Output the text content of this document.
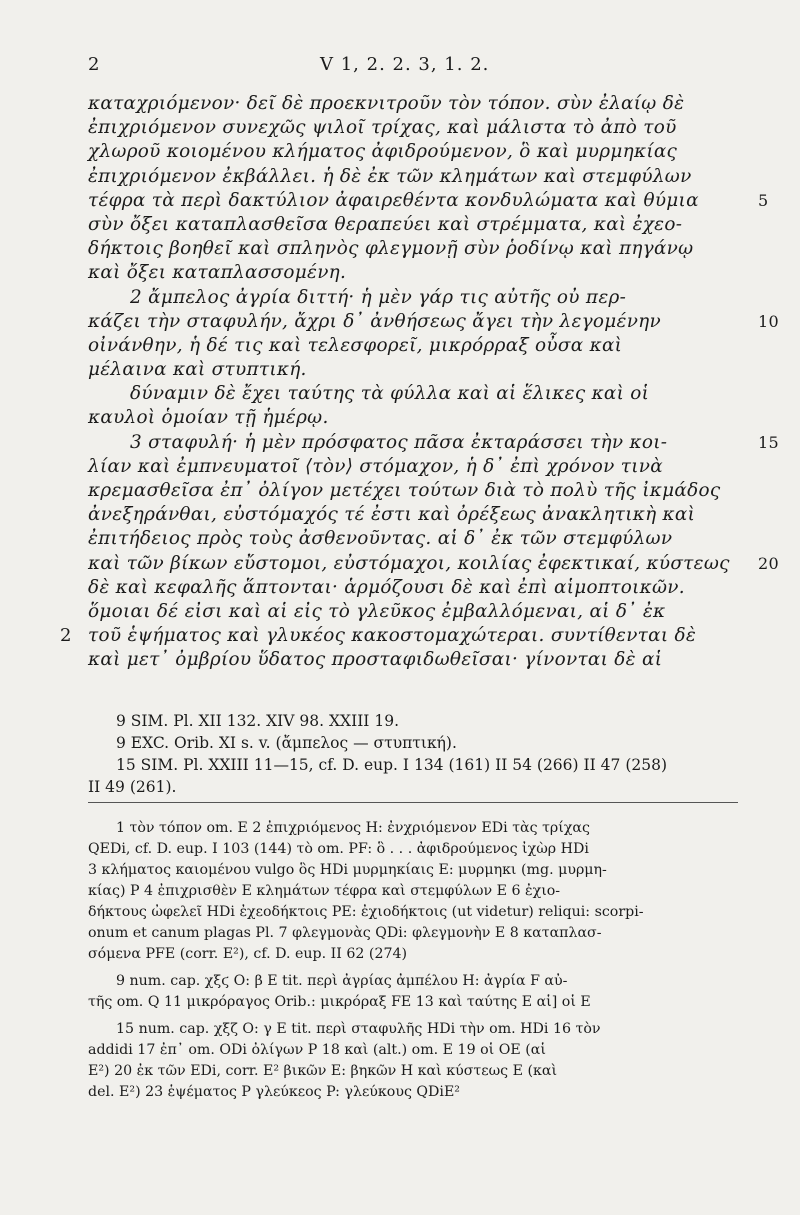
2	V 1, 2. 2. 3, 1. 2.
καταχριόμενον· δεῖ δὲ προεκνιτροῦν τὸν τόπον. σὺν ἐλαίῳ δὲ
ἐπιχριόμενον συνεχῶς ψιλοῖ τρίχας, καὶ μάλιστα τὸ ἀπὸ τοῦ
χλωροῦ κοιομένου κλήματος ἀφιδρούμενον, ὃ καὶ μυρμηκίας
ἐπιχριόμενον ἐκβάλλει. ἡ δὲ ἐκ τῶν κλημάτων καὶ στεμφύλων
τέφρα τὰ περὶ δακτύλιον ἀφαιρεθέντα κονδυλώματα καὶ θύμια	5
σὺν ὄξει καταπλασθεῖσα θεραπεύει καὶ στρέμματα, καὶ ἐχεο-
δήκτοις βοηθεῖ καὶ σπληνὸς φλεγμονῇ σὺν ῥοδίνῳ καὶ πηγάνῳ
καὶ ὄξει καταπλασσομένη.
2 ἄμπελος ἀγρία διττή· ἡ μὲν γάρ τις αὐτῆς οὐ περ-
κάζει τὴν σταφυλήν, ἄχρι δ᾽ ἀνθήσεως ἄγει τὴν λεγομένην	10
οἰνάνθην, ἡ δέ τις καὶ τελεσφορεῖ, μικρόρραξ οὖσα καὶ
μέλαινα καὶ στυπτική.
δύναμιν δὲ ἔχει ταύτης τὰ φύλλα καὶ αἱ ἕλικες καὶ οἱ
καυλοὶ ὁμοίαν τῇ ἡμέρῳ.
3 σταφυλή· ἡ μὲν πρόσφατος πᾶσα ἐκταράσσει τὴν κοι-	15
λίαν καὶ ἐμπνευματοῖ ⟨τὸν⟩ στόμαχον, ἡ δ᾽ ἐπὶ χρόνον τινὰ
κρεμασθεῖσα ἐπ᾽ ὀλίγον μετέχει τούτων διὰ τὸ πολὺ τῆς ἰκμάδος
ἀνεξηράνθαι, εὐστόμαχός τέ ἐστι καὶ ὀρέξεως ἀνακλητικὴ καὶ
ἐπιτήδειος πρὸς τοὺς ἀσθενοῦντας. αἱ δ᾽ ἐκ τῶν στεμφύλων
καὶ τῶν βίκων εὔστομοι, εὐστόμαχοι, κοιλίας ἐφεκτικαί, κύστεως 20
δὲ καὶ κεφαλῆς ἅπτονται· ἁρμόζουσι δὲ καὶ ἐπὶ αἱμοπτοικῶν.
ὅμοιαι δέ εἰσι καὶ αἱ εἰς τὸ γλεῦκος ἐμβαλλόμεναι, αἱ δ᾽ ἐκ
τοῦ ἑψήματος καὶ γλυκέος κακοστομαχώτεραι. συντίθενται δὲ
2
καὶ μετ᾽ ὀμβρίου ὕδατος προσταφιδωθεῖσαι· γίνονται δὲ αἱ
9 SIM. Pl. XII 132. XIV 98. XXIII 19.
9 EXC. Orib. XI s. v. (ἄμπελος — στυπτική).
15 SIM. Pl. XXIII 11—15, cf. D. eup. I 134 (161) II 54 (266) II 47 (258)
II 49 (261).
1 τὸν τόπον om. E 2 ἐπιχριόμενος H: ἐνχριόμενον EDi τὰς τρίχας
QEDi, cf. D. eup. I 103 (144) τὸ om. PF: ὃ . . . ἀφιδρούμενος ἰχὼρ HDi
3 κλήματος καιομένου vulgo ὃς HDi μυρμηκίαις E: μυρμηκι (mg. μυρμη-
κίας) P 4 ἐπιχρισθὲν E κλημάτων τέφρα καὶ στεμφύλων E 6 ἐχιο-
δήκτους ὠφελεῖ HDi ἐχεοδήκτοις PE: ἐχιοδήκτοις (ut videtur) reliqui: scorpi-
onum et canum plagas Pl. 7 φλεγμονὰς QDi: φλεγμονὴν E 8 καταπλασ-
σόμενα PFE (corr. E²), cf. D. eup. II 62 (274)
9 num. cap. χξϛ O: β E tit. περὶ ἀγρίας ἀμπέλου H: ἀγρία F αὐ-
τῆς om. Q 11 μικρόραγος Orib.: μικρόραξ FE 13 καὶ ταύτης E αἱ] οἱ E
15 num. cap. χξζ O: γ E tit. περὶ σταφυλῆς HDi τὴν om. HDi 16 τὸν
addidi 17 ἐπ᾽ om. ODi ὀλίγων P 18 καὶ (alt.) om. E 19 οἱ OE (αἱ
E²) 20 ἐκ τῶν EDi, corr. E² βικῶν E: βηκῶν H καὶ κύστεως E (καὶ
del. E²) 23 ἑψέματος P γλεύκεος P: γλεύκους QDiE²
